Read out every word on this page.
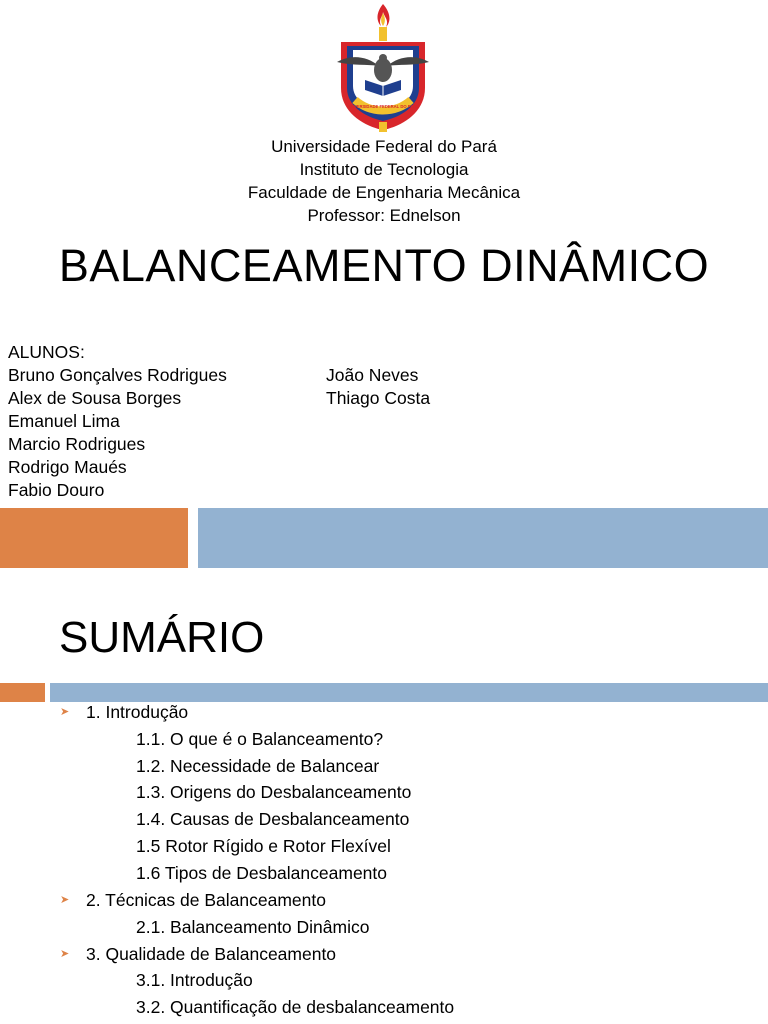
UNIVERSIDADE FEDERAL DO PARÁ
Universidade Federal do Pará
Instituto de Tecnologia
Faculdade de Engenharia Mecânica
Professor: Ednelson
BALANCEAMENTO DINÂMICO
ALUNOS:
Bruno Gonçalves Rodrigues
Alex de Sousa Borges
Emanuel Lima
Marcio Rodrigues
Rodrigo Maués
Fabio Douro
João Neves
Thiago Costa
SUMÁRIO
➤ 1. Introdução
1.1. O que é o Balanceamento?
1.2. Necessidade de Balancear
1.3. Origens do Desbalanceamento
1.4. Causas de Desbalanceamento
1.5 Rotor Rígido e Rotor Flexível
1.6 Tipos de Desbalanceamento
➤ 2. Técnicas de Balanceamento
2.1. Balanceamento Dinâmico
➤ 3. Qualidade de Balanceamento
3.1. Introdução
3.2. Quantificação de desbalanceamento
